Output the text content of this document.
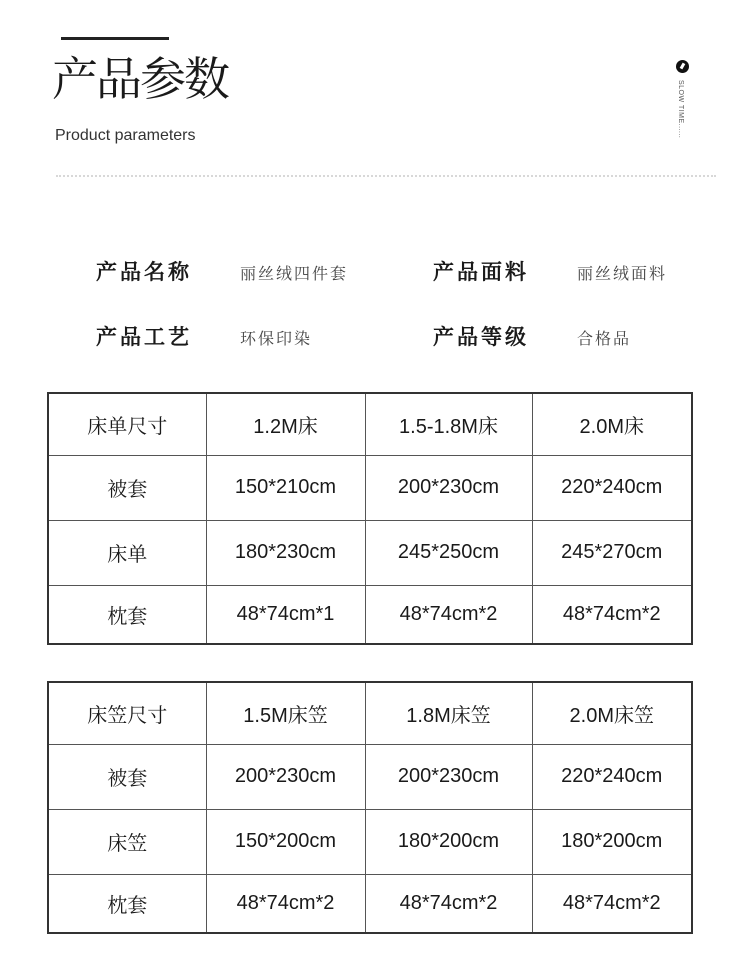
产品参数
Product parameters	SLOW TIME......
产品名称	丽丝绒四件套	产品面料	丽丝绒面料
产品工艺	环保印染	产品等级	合格品
床单尺寸	1.2M床	1.5-1.8M床	2.0M床
被套	150*210cm	200*230cm	220*240cm
床单	180*230cm	245*250cm	245*270cm
枕套	48*74cm*1	48*74cm*2	48*74cm*2
床笠尺寸	1.5M床笠	1.8M床笠	2.0M床笠
被套	200*230cm	200*230cm	220*240cm
床笠	150*200cm	180*200cm	180*200cm
枕套	48*74cm*2	48*74cm*2	48*74cm*2
